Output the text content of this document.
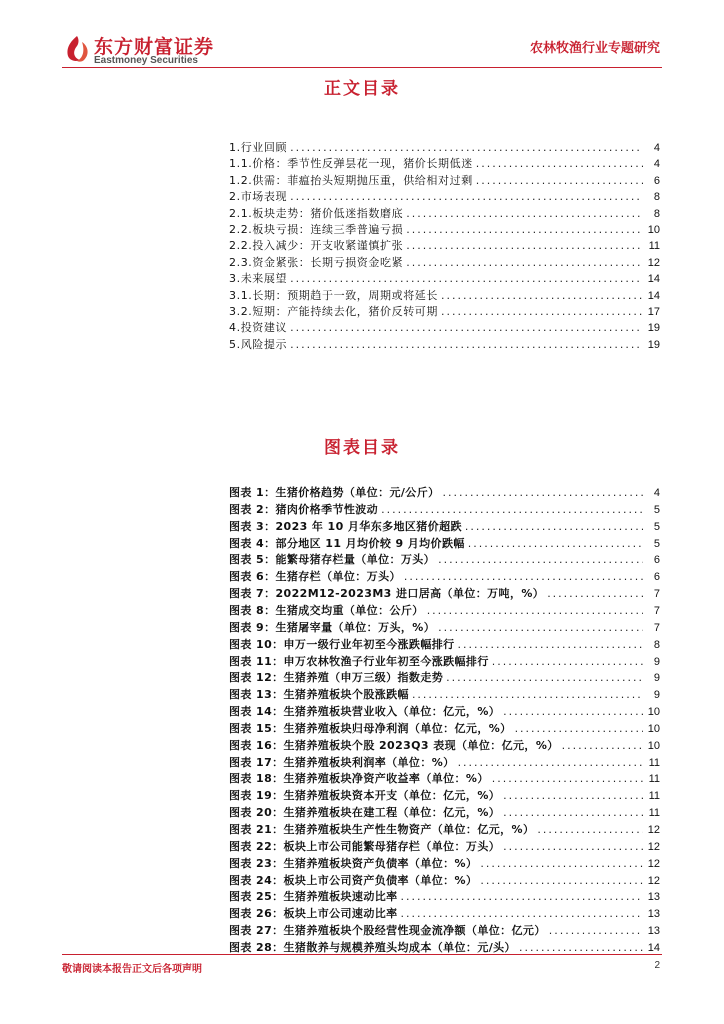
东方财富证券
Eastmoney Securities
农林牧渔行业专题研究
正文目录
1.行业回顾 .....	4
1.1.价格：季节性反弹昙花一现，猪价长期低迷 .....	4
1.2.供需：菲瘟抬头短期抛压重，供给相对过剩 .....	6
2.市场表现 .....	8
2.1.板块走势：猪价低迷指数磨底 .....	8
2.2.板块亏损：连续三季普遍亏损 .....	10
2.2.投入减少：开支收紧谨慎扩张 .....	11
2.3.资金紧张：长期亏损资金吃紧 .....	12
3.未来展望 .....	14
3.1.长期：预期趋于一致，周期或将延长 .....	14
3.2.短期：产能持续去化，猪价反转可期 .....	17
4.投资建议 .....	19
5.风险提示 .....	19
图表目录
图表 1：生猪价格趋势（单位：元/公斤） .....	4
图表 2：猪肉价格季节性波动 .....	5
图表 3：2023 年 10 月华东多地区猪价超跌 .....	5
图表 4：部分地区 11 月均价较 9 月均价跌幅 .....	5
图表 5：能繁母猪存栏量（单位：万头） .....	6
图表 6：生猪存栏（单位：万头） .....	6
图表 7：2022M12-2023M3 进口居高（单位：万吨，%） .....	7
图表 8：生猪成交均重（单位：公斤） .....	7
图表 9：生猪屠宰量（单位：万头，%） .....	7
图表 10：申万一级行业年初至今涨跌幅排行 .....	8
图表 11：申万农林牧渔子行业年初至今涨跌幅排行 .....	9
图表 12：生猪养殖（申万三级）指数走势 .....	9
图表 13：生猪养殖板块个股涨跌幅 .....	9
图表 14：生猪养殖板块营业收入（单位：亿元，%） .....	10
图表 15：生猪养殖板块归母净利润（单位：亿元，%） .....	10
图表 16：生猪养殖板块个股 2023Q3 表现（单位：亿元，%） .....	10
图表 17：生猪养殖板块利润率（单位：%） .....	11
图表 18：生猪养殖板块净资产收益率（单位：%） .....	11
图表 19：生猪养殖板块资本开支（单位：亿元，%） .....	11
图表 20：生猪养殖板块在建工程（单位：亿元，%） .....	11
图表 21：生猪养殖板块生产性生物资产（单位：亿元，%） .....	12
图表 22：板块上市公司能繁母猪存栏（单位：万头） .....	12
图表 23：生猪养殖板块资产负债率（单位：%） .....	12
图表 24：板块上市公司资产负债率（单位：%） .....	12
图表 25：生猪养殖板块速动比率 .....	13
图表 26：板块上市公司速动比率 .....	13
图表 27：生猪养殖板块个股经营性现金流净额（单位：亿元） .....	13
图表 28：生猪散养与规模养殖头均成本（单位：元/头） .....	14
敬请阅读本报告正文后各项声明	2
